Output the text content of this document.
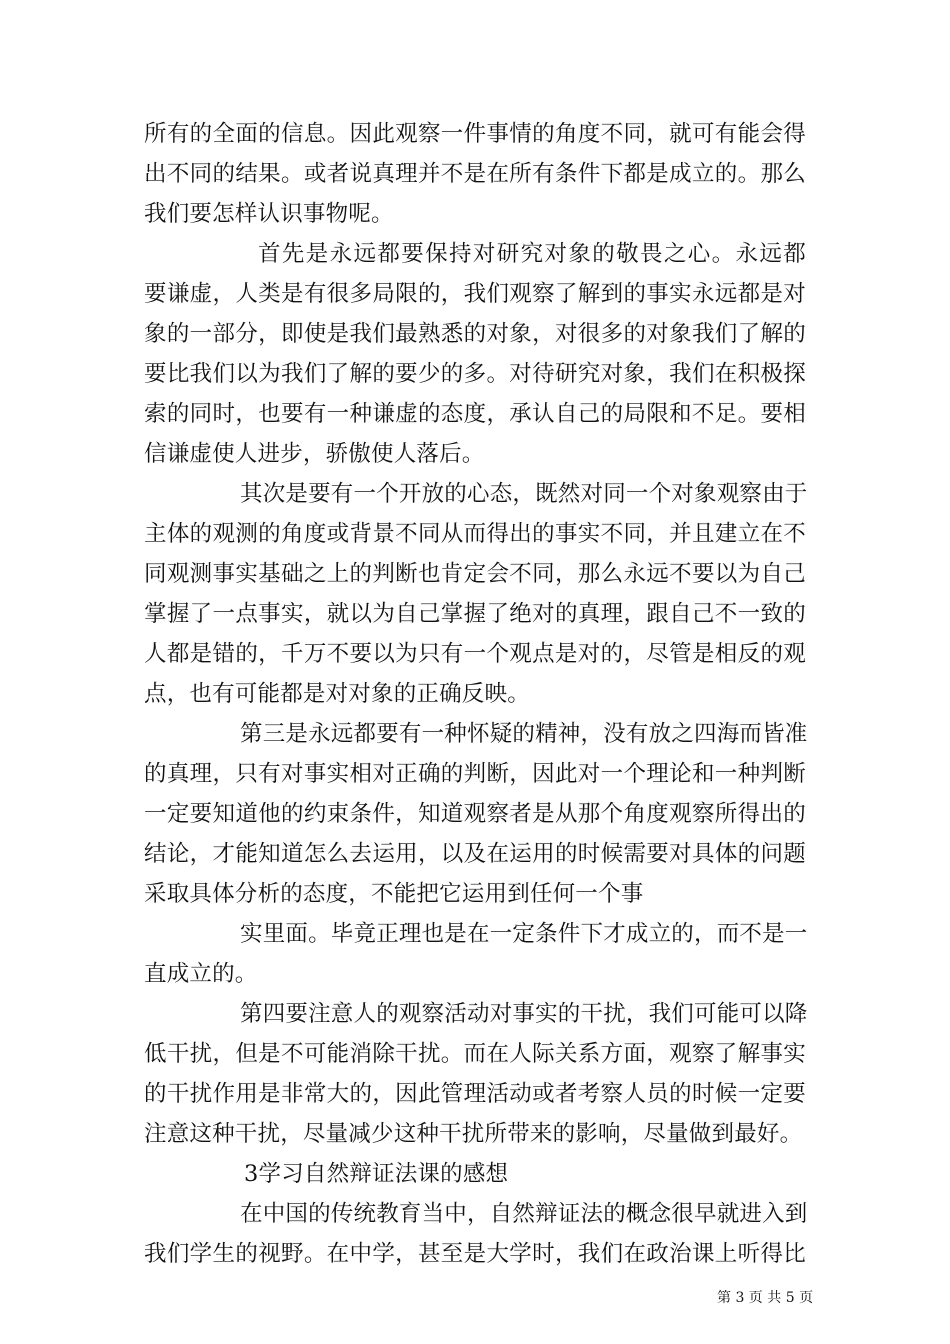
所有的全面的信息。因此观察一件事情的角度不同，就可有能会得
出不同的结果。或者说真理并不是在所有条件下都是成立的。那么
我们要怎样认识事物呢。
首先是永远都要保持对研究对象的敬畏之心。永远都
要谦虚，人类是有很多局限的，我们观察了解到的事实永远都是对
象的一部分，即使是我们最熟悉的对象，对很多的对象我们了解的
要比我们以为我们了解的要少的多。对待研究对象，我们在积极探
索的同时，也要有一种谦虚的态度，承认自己的局限和不足。要相
信谦虚使人进步，骄傲使人落后。
其次是要有一个开放的心态，既然对同一个对象观察由于
主体的观测的角度或背景不同从而得出的事实不同，并且建立在不
同观测事实基础之上的判断也肯定会不同，那么永远不要以为自己
掌握了一点事实，就以为自己掌握了绝对的真理，跟自己不一致的
人都是错的，千万不要以为只有一个观点是对的，尽管是相反的观
点，也有可能都是对对象的正确反映。
第三是永远都要有一种怀疑的精神，没有放之四海而皆准
的真理，只有对事实相对正确的判断，因此对一个理论和一种判断
一定要知道他的约束条件，知道观察者是从那个角度观察所得出的
结论，才能知道怎么去运用，以及在运用的时候需要对具体的问题
采取具体分析的态度，不能把它运用到任何一个事
实里面。毕竟正理也是在一定条件下才成立的，而不是一
直成立的。
第四要注意人的观察活动对事实的干扰，我们可能可以降
低干扰，但是不可能消除干扰。而在人际关系方面，观察了解事实
的干扰作用是非常大的，因此管理活动或者考察人员的时候一定要
注意这种干扰，尽量减少这种干扰所带来的影响，尽量做到最好。
3学习自然辩证法课的感想
在中国的传统教育当中，自然辩证法的概念很早就进入到
我们学生的视野。在中学，甚至是大学时，我们在政治课上听得比
第 3 页 共 5 页
